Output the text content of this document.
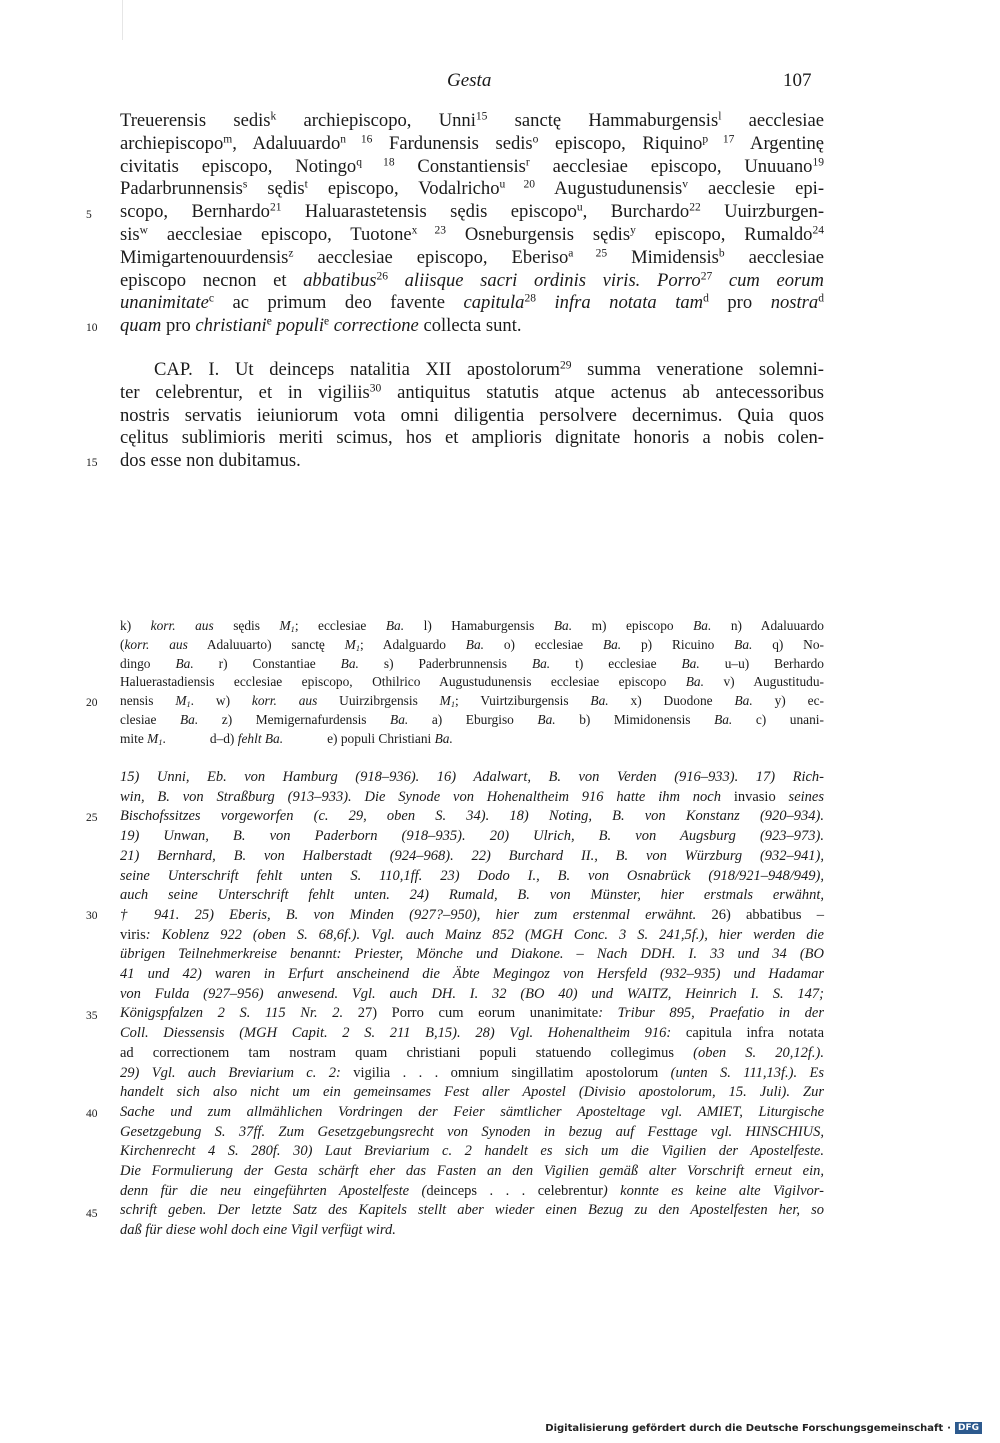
Gesta	107
5
10
15
20
25
30
35
40
45
Treuerensis sedis$^k$ archiepiscopo, Unni$^{15}$ sanctę Hammaburgensis$^l$ aecclesiae
archiepiscopo$^m$, Adaluuardo$^{n 16}$ Fardunensis sedis$^o$ episcopo, Riquino$^{p 17}$ Argentinę
civitatis episcopo, Notingo$^{q 18}$ Constantiensis$^r$ aecclesiae episcopo, Unuuano$^{19}$
Padarbrunnensis$^s$ sędis$^t$ episcopo, Vodalricho$^{u 20}$ Augustudunensis$^v$ aecclesie epi-
scopo, Bernhardo$^{21}$ Haluarastetensis sędis episcopo$^u$, Burchardo$^{22}$ Uuirzburgen-
sis$^w$ aecclesiae episcopo, Tuotone$^{x 23}$ Osneburgensis sędis$^y$ episcopo, Rumaldo$^{24}$
Mimigartenouurdensis$^z$ aecclesiae episcopo, Eberiso$^{a 25}$ Mimidensis$^b$ aecclesiae
episcopo necnon et abbatibus$^{26}$ aliisque sacri ordinis viris. Porro$^{27}$ cum eorum
unanimitate$^c$ ac primum deo favente capitula$^{28}$ infra notata tam$^d$ pro nostra$^d$
quam pro christiani$^e$ populi$^e$ correctione collecta sunt.
CAP. I. Ut deinceps natalitia XII apostolorum$^{29}$ summa veneratione solemni-
ter celebrentur, et in vigiliis$^{30}$ antiquitus statutis atque actenus ab antecessoribus
nostris servatis ieiuniorum vota omni diligentia persolvere decernimus. Quia quos
cęlitus sublimioris meriti scimus, hos et amplioris dignitate honoris a nobis colen-
dos esse non dubitamus.
k) korr. aus sędis $M_1$; ecclesiae Ba. l) Hamaburgensis Ba. m) episcopo Ba. n) Adaluuardo
(korr. aus Adaluuarto) sanctę $M_1$; Adalguardo Ba. o) ecclesiae Ba. p) Ricuino Ba. q) No-
dingo Ba. r) Constantiae Ba. s) Paderbrunnensis Ba. t) ecclesiae Ba. u–u) Berhardo
Haluerastadiensis ecclesiae episcopo, Othilrico Augustudunensis ecclesiae episcopo Ba. v) Augustitudu-
nensis $M_1$. w) korr. aus Uuirzibrgensis $M_1$; Vuirtziburgensis Ba. x) Duodone Ba. y) ec-
clesiae Ba. z) Memigernafurdensis Ba. a) Eburgiso Ba. b) Mimidonensis Ba. c) unani-
mite $M_1$.	d–d) fehlt Ba.	e) populi Christiani Ba.
15) Unni, Eb. von Hamburg (918–936). 16) Adalwart, B. von Verden (916–933). 17) Rich-
win, B. von Straßburg (913–933). Die Synode von Hohenaltheim 916 hatte ihm noch invasio seines
Bischofssitzes vorgeworfen (c. 29, oben S. 34). 18) Noting, B. von Konstanz (920–934).
19) Unwan, B. von Paderborn (918–935). 20) Ulrich, B. von Augsburg (923–973).
21) Bernhard, B. von Halberstadt (924–968). 22) Burchard II., B. von Würzburg (932–941),
seine Unterschrift fehlt unten S. 110,1ff. 23) Dodo I., B. von Osnabrück (918/921–948/949),
auch seine Unterschrift fehlt unten. 24) Rumald, B. von Münster, hier erstmals erwähnt,
† 941. 25) Eberis, B. von Minden (927?–950), hier zum erstenmal erwähnt. 26) abbatibus –
viris: Koblenz 922 (oben S. 68,6f.). Vgl. auch Mainz 852 (MGH Conc. 3 S. 241,5f.), hier werden die
übrigen Teilnehmerkreise benannt: Priester, Mönche und Diakone. – Nach DDH. I. 33 und 34 (BO
41 und 42) waren in Erfurt anscheinend die Äbte Megingoz von Hersfeld (932–935) und Hadamar
von Fulda (927–956) anwesend. Vgl. auch DH. I. 32 (BO 40) und WAITZ, Heinrich I. S. 147;
Königspfalzen 2 S. 115 Nr. 2. 27) Porro cum eorum unanimitate: Tribur 895, Praefatio in der
Coll. Diessensis (MGH Capit. 2 S. 211 B,15). 28) Vgl. Hohenaltheim 916: capitula infra notata
ad correctionem tam nostram quam christiani populi statuendo collegimus (oben S. 20,12f.).
29) Vgl. auch Breviarium c. 2: vigilia . . . omnium singillatim apostolorum (unten S. 111,13f.). Es
handelt sich also nicht um ein gemeinsames Fest aller Apostel (Divisio apostolorum, 15. Juli). Zur
Sache und zum allmählichen Vordringen der Feier sämtlicher Aposteltage vgl. AMIET, Liturgische
Gesetzgebung S. 37ff. Zum Gesetzgebungsrecht von Synoden in bezug auf Festtage vgl. HINSCHIUS,
Kirchenrecht 4 S. 280f. 30) Laut Breviarium c. 2 handelt es sich um die Vigilien der Apostelfeste.
Die Formulierung der Gesta schärft eher das Fasten an den Vigilien gemäß alter Vorschrift erneut ein,
denn für die neu eingeführten Apostelfeste (deinceps . . . celebrentur) konnte es keine alte Vigilvor-
schrift geben. Der letzte Satz des Kapitels stellt aber wieder einen Bezug zu den Apostelfesten her, so
daß für diese wohl doch eine Vigil verfügt wird.
Digitalisierung gefördert durch die Deutsche Forschungsgemeinschaft · DFG
